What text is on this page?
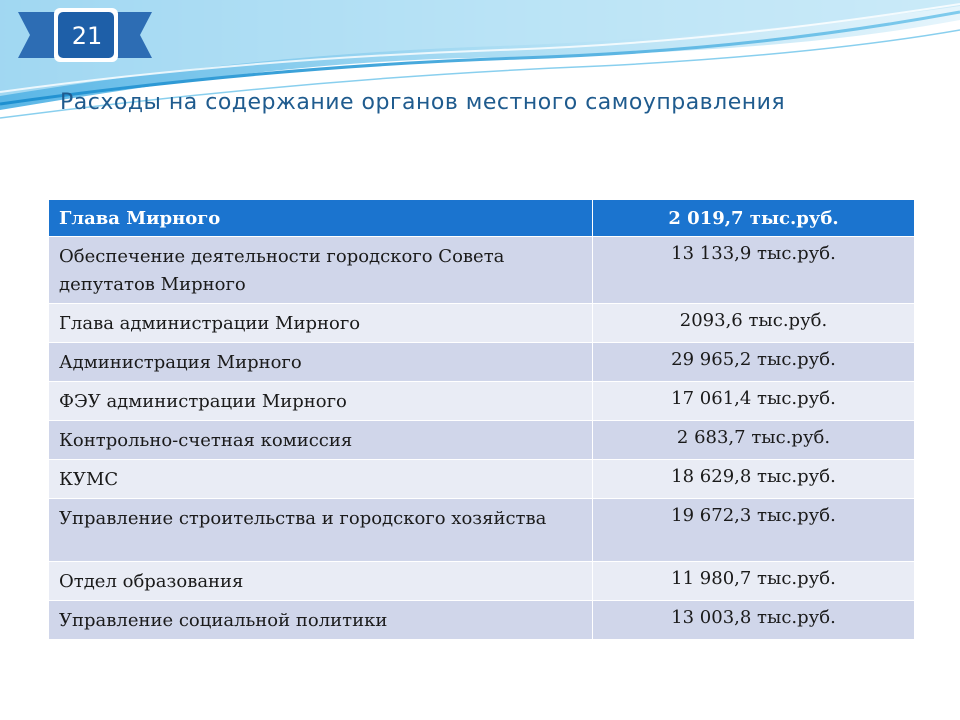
21
Расходы на содержание органов местного самоуправления
Глава Мирного	2 019,7 тыс.руб.
Обеспечение деятельности городского Совета депутатов Мирного	13 133,9 тыс.руб.
Глава администрации Мирного	2093,6 тыс.руб.
Администрация Мирного	29 965,2 тыс.руб.
ФЭУ администрации Мирного	17 061,4 тыс.руб.
Контрольно-счетная комиссия	2 683,7 тыс.руб.
КУМС	18 629,8 тыс.руб.
Управление строительства и городского хозяйства	19 672,3 тыс.руб.
Отдел образования	11 980,7 тыс.руб.
Управление социальной политики	13 003,8 тыс.руб.
